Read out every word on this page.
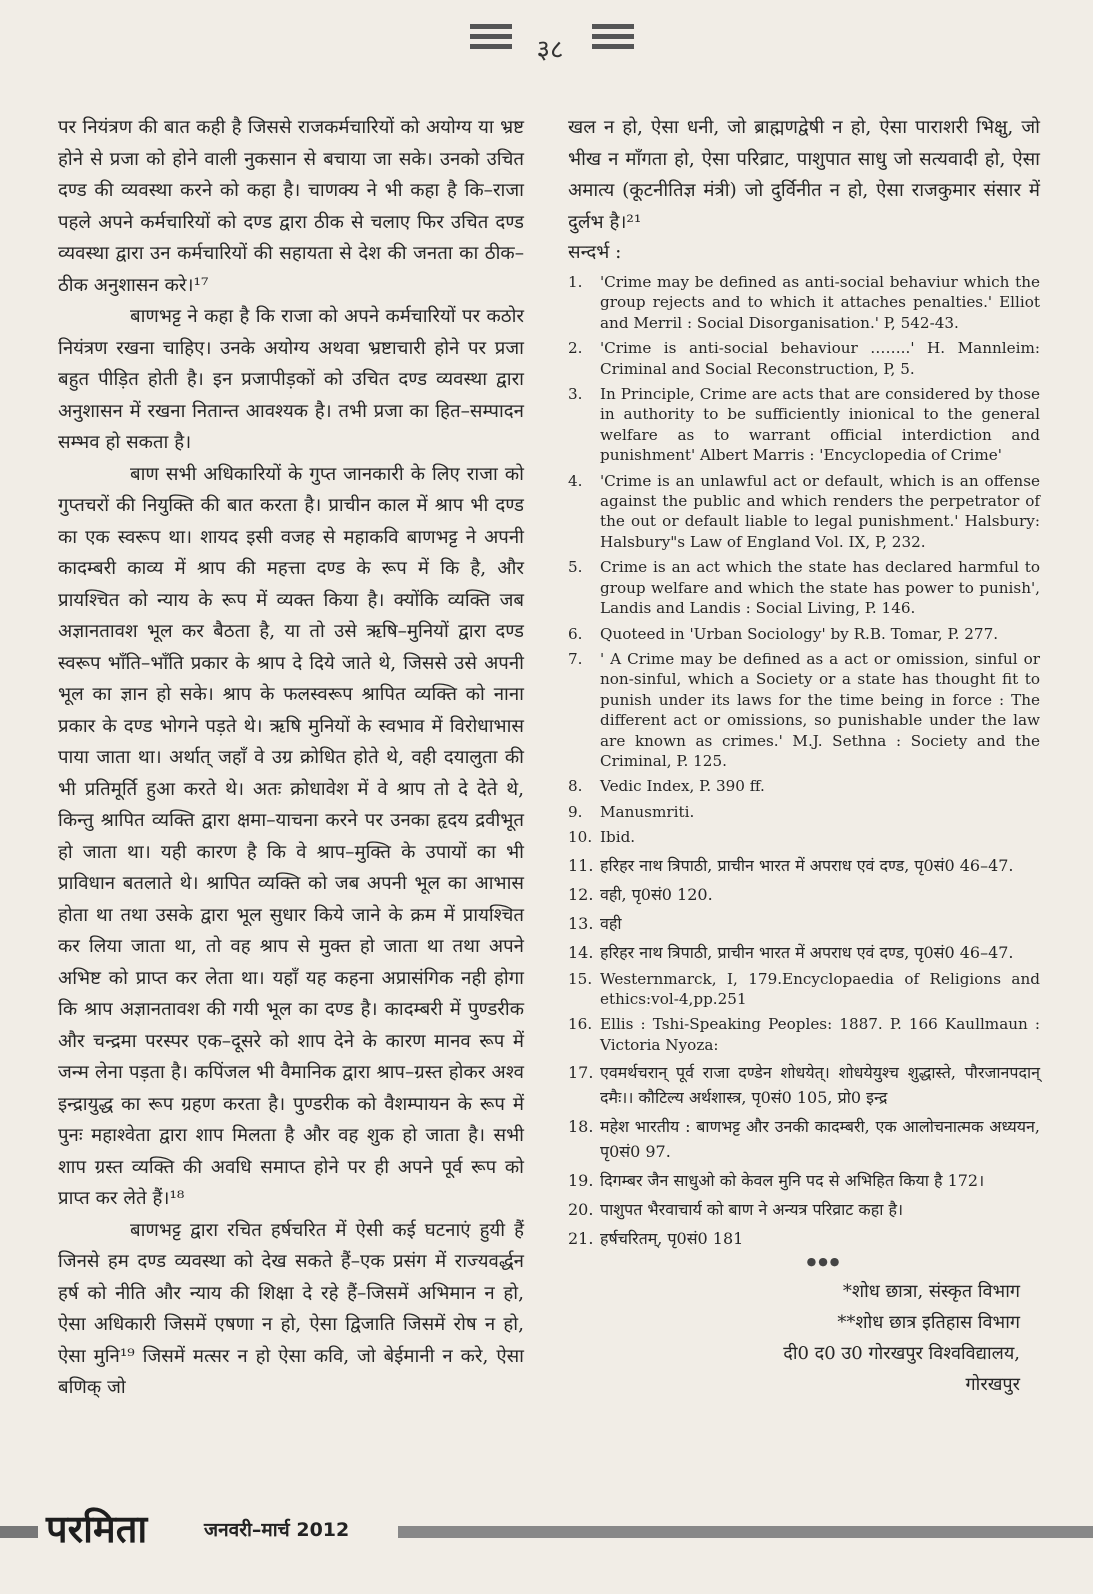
३८

पर नियंत्रण की बात कही है जिससे राजकर्मचारियों को अयोग्य या भ्रष्ट होने से प्रजा को होने वाली नुकसान से बचाया जा सके। उनको उचित दण्ड की व्यवस्था करने को कहा है। चाणक्य ने भी कहा है कि–राजा पहले अपने कर्मचारियों को दण्ड द्वारा ठीक से चलाए फिर उचित दण्ड व्यवस्था द्वारा उन कर्मचारियों की सहायता से देश की जनता का ठीक–ठीक अनुशासन करे।¹⁷

बाणभट्ट ने कहा है कि राजा को अपने कर्मचारियों पर कठोर नियंत्रण रखना चाहिए। उनके अयोग्य अथवा भ्रष्टाचारी होने पर प्रजा बहुत पीड़ित होती है। इन प्रजापीड़कों को उचित दण्ड व्यवस्था द्वारा अनुशासन में रखना नितान्त आवश्यक है। तभी प्रजा का हित–सम्पादन सम्भव हो सकता है।

बाण सभी अधिकारियों के गुप्त जानकारी के लिए राजा को गुप्तचरों की नियुक्ति की बात करता है। प्राचीन काल में श्राप भी दण्ड का एक स्वरूप था। शायद इसी वजह से महाकवि बाणभट्ट ने अपनी कादम्बरी काव्य में श्राप की महत्ता दण्ड के रूप में कि है, और प्रायश्चित को न्याय के रूप में व्यक्त किया है। क्योंकि व्यक्ति जब अज्ञानतावश भूल कर बैठता है, या तो उसे ऋषि–मुनियों द्वारा दण्ड स्वरूप भाँति–भाँति प्रकार के श्राप दे दिये जाते थे, जिससे उसे अपनी भूल का ज्ञान हो सके। श्राप के फलस्वरूप श्रापित व्यक्ति को नाना प्रकार के दण्ड भोगने पड़ते थे। ऋषि मुनियों के स्वभाव में विरोधाभास पाया जाता था। अर्थात् जहाँ वे उग्र क्रोधित होते थे, वही दयालुता की भी प्रतिमूर्ति हुआ करते थे। अतः क्रोधावेश में वे श्राप तो दे देते थे, किन्तु श्रापित व्यक्ति द्वारा क्षमा–याचना करने पर उनका हृदय द्रवीभूत हो जाता था। यही कारण है कि वे श्राप–मुक्ति के उपायों का भी प्राविधान बतलाते थे। श्रापित व्यक्ति को जब अपनी भूल का आभास होता था तथा उसके द्वारा भूल सुधार किये जाने के क्रम में प्रायश्चित कर लिया जाता था, तो वह श्राप से मुक्त हो जाता था तथा अपने अभिष्ट को प्राप्त कर लेता था। यहाँ यह कहना अप्रासंगिक नही होगा कि श्राप अज्ञानतावश की गयी भूल का दण्ड है। कादम्बरी में पुण्डरीक और चन्द्रमा परस्पर एक–दूसरे को शाप देने के कारण मानव रूप में जन्म लेना पड़ता है। कपिंजल भी वैमानिक द्वारा श्राप–ग्रस्त होकर अश्व इन्द्रायुद्ध का रूप ग्रहण करता है। पुण्डरीक को वैशम्पायन के रूप में पुनः महाश्वेता द्वारा शाप मिलता है और वह शुक हो जाता है। सभी शाप ग्रस्त व्यक्ति की अवधि समाप्त होने पर ही अपने पूर्व रूप को प्राप्त कर लेते हैं।¹⁸

बाणभट्ट द्वारा रचित हर्षचरित में ऐसी कई घटनाएं हुयी हैं जिनसे हम दण्ड व्यवस्था को देख सकते हैं–एक प्रसंग में राज्यवर्द्धन हर्ष को नीति और न्याय की शिक्षा दे रहे हैं–जिसमें अभिमान न हो, ऐसा अधिकारी जिसमें एषणा न हो, ऐसा द्विजाति जिसमें रोष न हो, ऐसा मुनि¹⁹ जिसमें मत्सर न हो ऐसा कवि, जो बेईमानी न करे, ऐसा बणिक् जो

खल न हो, ऐसा धनी, जो ब्राह्मणद्वेषी न हो, ऐसा पाराशरी भिक्षु, जो भीख न माँगता हो, ऐसा परिव्राट, पाशुपात साधु जो सत्यवादी हो, ऐसा अमात्य (कूटनीतिज्ञ मंत्री) जो दुर्विनीत न हो, ऐसा राजकुमार संसार में दुर्लभ है।²¹

सन्दर्भ :
1.	'Crime may be defined as anti-social behaviur which the group rejects and to which it attaches penalties.' Elliot and Merril : Social Disorganisation.' P, 542-43.
2.	'Crime is anti-social behaviour ……..' H. Mannleim: Criminal and Social Reconstruction, P, 5.
3.	In Principle, Crime are acts that are considered by those in authority to be sufficiently inionical to the general welfare as to warrant official interdiction and punishment' Albert Marris : 'Encyclopedia of Crime'
4.	'Crime is an unlawful act or default, which is an offense against the public and which renders the perpetrator of the out or default liable to legal punishment.' Halsbury: Halsbury"s Law of England Vol. IX, P, 232.
5.	Crime is an act which the state has declared harmful to group welfare and which the state has power to punish', Landis and Landis : Social Living, P. 146.
6.	Quoteed in 'Urban Sociology' by R.B. Tomar, P. 277.
7.	' A Crime may be defined as a act or omission, sinful or non-sinful, which a Society or a state has thought fit to punish under its laws for the time being in force : The different act or omissions, so punishable under the law are known as crimes.' M.J. Sethna : Society and the Criminal, P. 125.
8.	Vedic Index, P. 390 ff.
9.	Manusmriti.
10. Ibid.
11. हरिहर नाथ त्रिपाठी, प्राचीन भारत में अपराध एवं दण्ड, पृ0सं0 46–47.
12. वही, पृ0सं0 120.
13. वही
14. हरिहर नाथ त्रिपाठी, प्राचीन भारत में अपराध एवं दण्ड, पृ0सं0 46–47.
15. Westernmarck, I, 179.Encyclopaedia of Religions and ethics:vol-4,pp.251
16. Ellis : Tshi-Speaking Peoples: 1887. P. 166 Kaullmaun : Victoria Nyoza:
17. एवमर्थचरान् पूर्व राजा दण्डेन शोधयेत्। शोधयेयुश्च शुद्धास्ते, पौरजानपदान् दमैः।। कौटिल्य अर्थशास्त्र, पृ0सं0 105, प्रो0 इन्द्र
18. महेश भारतीय : बाणभट्ट और उनकी कादम्बरी, एक आलोचनात्मक अध्ययन, पृ0सं0 97.
19. दिगम्बर जैन साधुओ को केवल मुनि पद से अभिहित किया है 172।
20. पाशुपत भैरवाचार्य को बाण ने अन्यत्र परिव्राट कहा है।
21. हर्षचरितम्, पृ0सं0 181
●●●
*शोध छात्रा, संस्कृत विभाग
**शोध छात्र इतिहास विभाग
दी0 द0 उ0 गोरखपुर विश्वविद्यालय,
गोरखपुर
परमिता	जनवरी–मार्च 2012
